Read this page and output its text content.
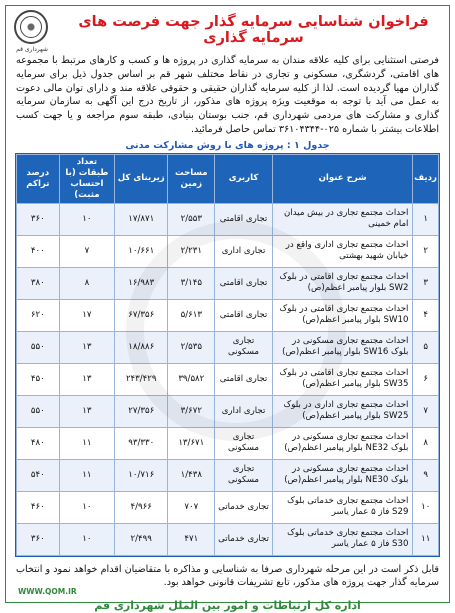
شهرداری قم
فراخوان شناسایی سرمایه گذار جهت فرصت های سرمایه گذاری
فرصتی استثنایی برای کلیه علاقه مندان به سرمایه گذاری در پروژه ها و کسب و کارهای مرتبط با مجموعه های اقامتی، گردشگری، مسکونی و تجاری در نقاط مختلف شهر قم بر اساس جدول ذیل برای سرمایه گذاران مهیا گردیده است. لذا از کلیه سرمایه گذاران حقیقی و حقوقی علاقه مند و دارای توان مالی دعوت به عمل می آید با توجه به موقعیت ویژه پروژه های مذکور، از تاریخ درج این آگهی به سازمان سرمایه گذاری و مشارکت های مردمی شهرداری قم، جنب بوستان بنیادی، طبقه سوم مراجعه و یا جهت کسب اطلاعات بیشتر با شماره ۰۲۵-۳۶۱۰۴۳۴۴ تماس حاصل فرمائید.
جدول ۱ : پروژه های با روش مشارکت مدنی
ردیف	شرح عنوان	کاربری	مساحت زمین	زیربنای کل	تعداد طبقات (با احتساب مثبت)	درصد تراکم
۱	احداث مجتمع تجاری در بیش میدان امام خمینی	تجاری اقامتی	۲/۵۵۳	۱۷/۸۷۱	۱۰	۳۶۰
۲	احداث مجتمع تجاری اداری واقع در خیابان شهید بهشتی	تجاری اداری	۲/۲۳۱	۱۰/۶۶۱	۷	۴۰۰
۳	احداث مجتمع تجاری اقامتی در بلوک SW2 بلوار پیامبر اعظم(ص)	تجاری اقامتی	۳/۱۴۵	۱۶/۹۸۳	۸	۳۸۰
۴	احداث مجتمع تجاری اقامتی در بلوک SW10 بلوار پیامبر اعظم(ص)	تجاری اقامتی	۵/۶۱۳	۶۷/۳۵۶	۱۷	۶۲۰
۵	احداث مجتمع تجاری مسکونی در بلوک SW16 بلوار پیامبر اعظم(ص)	تجاری مسکونی	۲/۵۳۵	۱۸/۸۸۶	۱۳	۵۵۰
۶	احداث مجتمع تجاری اقامتی در بلوک SW35 بلوار پیامبر اعظم(ص)	تجاری اقامتی	۳۹/۵۸۲	۲۴۳/۴۲۹	۱۳	۴۵۰
۷	احداث مجتمع تجاری اداری در بلوک SW25 بلوار پیامبر اعظم(ص)	تجاری اداری	۳/۶۷۲	۲۷/۳۵۶	۱۳	۵۵۰
۸	احداث مجتمع تجاری مسکونی در بلوک NE32 بلوار پیامبر اعظم(ص)	تجاری مسکونی	۱۳/۶۷۱	۹۳/۳۳۰	۱۱	۴۸۰
۹	احداث مجتمع تجاری مسکونی در بلوک NE30 بلوار پیامبر اعظم(ص)	تجاری مسکونی	۱/۴۳۸	۱۰/۷۱۶	۱۱	۵۴۰
۱۰	احداث مجتمع تجاری خدماتی بلوک S29 فاز ۵ عمار یاسر	تجاری خدماتی	۷۰۷	۴/۹۶۶	۱۰	۴۶۰
۱۱	احداث مجتمع تجاری خدماتی بلوک S30 فاز ۵ عمار یاسر	تجاری خدماتی	۴۷۱	۲/۴۹۹	۱۰	۳۶۰
قابل ذکر است در این مرحله شهرداری صرفا به شناسایی و مذاکره با متقاضیان اقدام خواهد نمود و انتخاب سرمایه گذار جهت پروژه های مذکور، تابع تشریفات قانونی خواهد بود.
اداره کل ارتباطات و امور بین الملل شهرداری قم
WWW.QOM.IR
